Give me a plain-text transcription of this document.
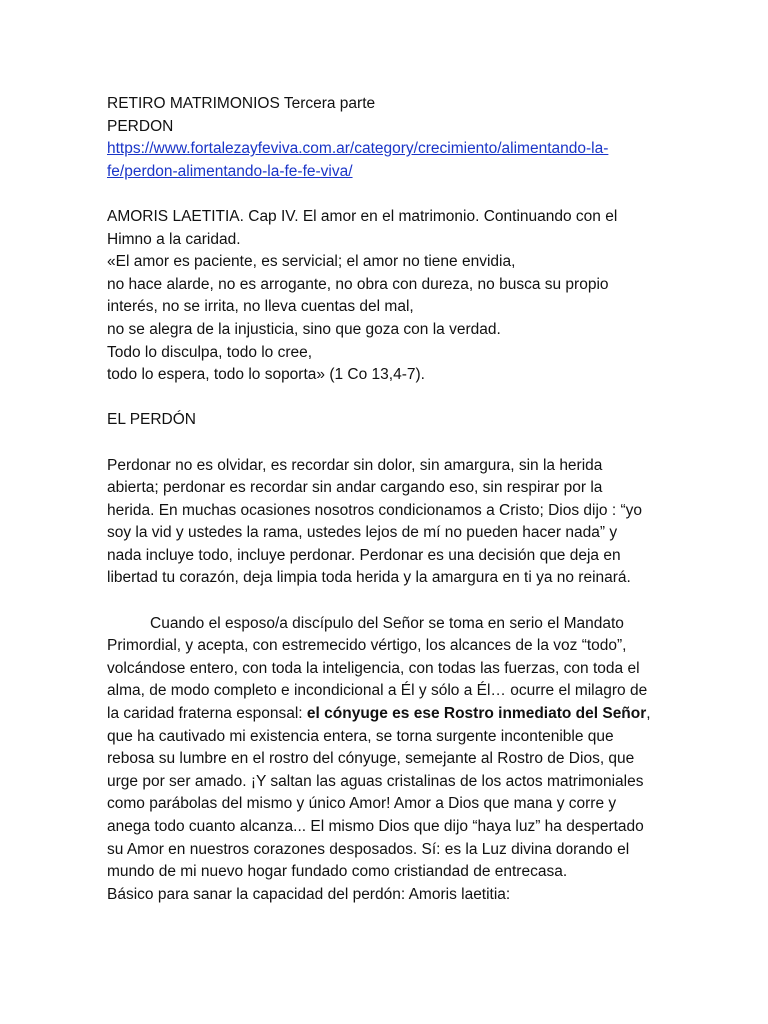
RETIRO MATRIMONIOS Tercera parte
PERDON
https://www.fortalezayfeviva.com.ar/category/crecimiento/alimentando-la-
fe/perdon-alimentando-la-fe-fe-viva/
AMORIS LAETITIA. Cap IV. El amor en el matrimonio. Continuando con el
Himno a la caridad.
«El amor es paciente, es servicial; el amor no tiene envidia,
no hace alarde, no es arrogante, no obra con dureza, no busca su propio
interés, no se irrita, no lleva cuentas del mal,
no se alegra de la injusticia, sino que goza con la verdad.
Todo lo disculpa, todo lo cree,
todo lo espera, todo lo soporta» (1 Co 13,4-7).
EL PERDÓN
Perdonar no es olvidar, es recordar sin dolor, sin amargura, sin la herida
abierta; perdonar es recordar sin andar cargando eso, sin respirar por la
herida. En muchas ocasiones nosotros condicionamos a Cristo; Dios dijo : “yo
soy la vid y ustedes la rama, ustedes lejos de mí no pueden hacer nada” y
nada incluye todo, incluye perdonar. Perdonar es una decisión que deja en
libertad tu corazón, deja limpia toda herida y la amargura en ti ya no reinará.
Cuando el esposo/a discípulo del Señor se toma en serio el Mandato
Primordial, y acepta, con estremecido vértigo, los alcances de la voz “todo”,
volcándose entero, con toda la inteligencia, con todas las fuerzas, con toda el
alma, de modo completo e incondicional a Él y sólo a Él… ocurre el milagro de
la caridad fraterna esponsal: el cónyuge es ese Rostro inmediato del Señor,
que ha cautivado mi existencia entera, se torna surgente incontenible que
rebosa su lumbre en el rostro del cónyuge, semejante al Rostro de Dios, que
urge por ser amado. ¡Y saltan las aguas cristalinas de los actos matrimoniales
como parábolas del mismo y único Amor! Amor a Dios que mana y corre y
anega todo cuanto alcanza... El mismo Dios que dijo “haya luz” ha despertado
su Amor en nuestros corazones desposados. Sí: es la Luz divina dorando el
mundo de mi nuevo hogar fundado como cristiandad de entrecasa.
Básico para sanar la capacidad del perdón: Amoris laetitia:
